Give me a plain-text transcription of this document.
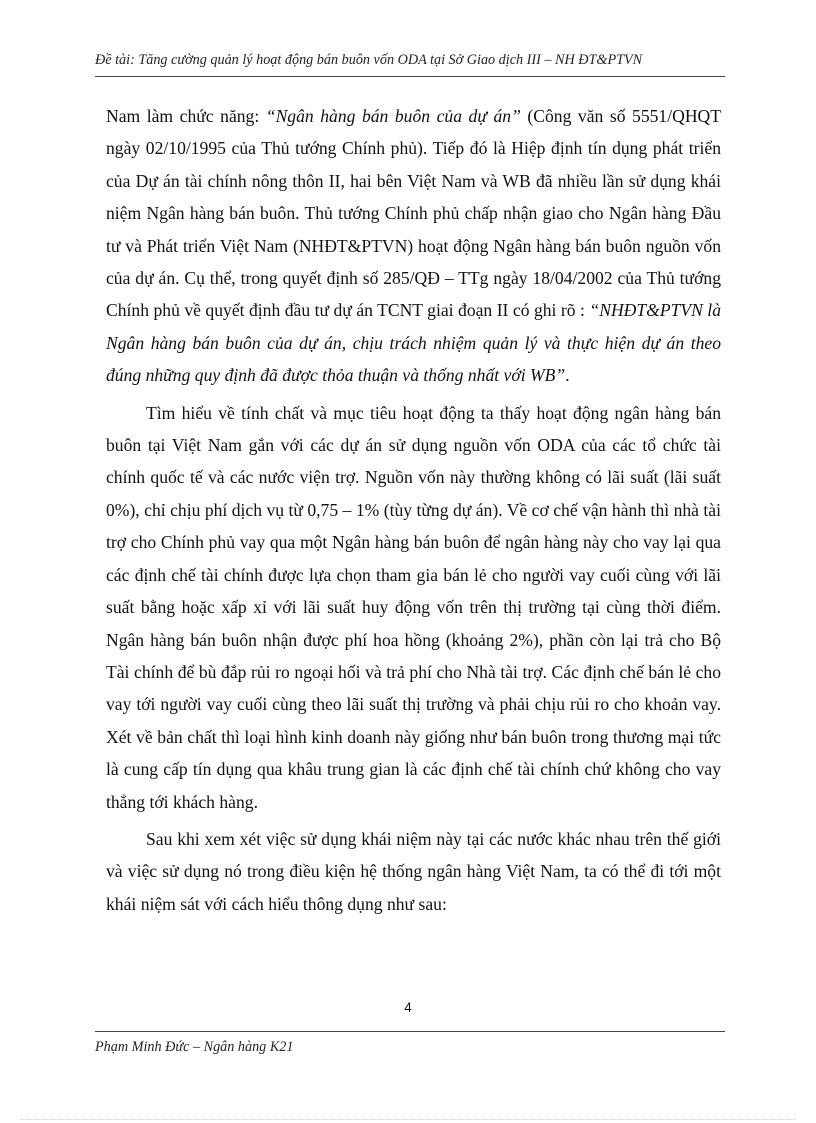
Đề tài: Tăng cường quản lý hoạt động bán buôn vốn ODA tại Sở Giao dịch III – NH ĐT&PTVN

Nam làm chức năng: “Ngân hàng bán buôn của dự án” (Công văn số 5551/QHQT ngày 02/10/1995 của Thủ tướng Chính phủ). Tiếp đó là Hiệp định tín dụng phát triển của Dự án tài chính nông thôn II, hai bên Việt Nam và WB đã nhiều lần sử dụng khái niệm Ngân hàng bán buôn. Thủ tướng Chính phủ chấp nhận giao cho Ngân hàng Đầu tư và Phát triển Việt Nam (NHĐT&PTVN) hoạt động Ngân hàng bán buôn nguồn vốn của dự án. Cụ thể, trong quyết định số 285/QĐ – TTg ngày 18/04/2002 của Thủ tướng Chính phủ về quyết định đầu tư dự án TCNT giai đoạn II có ghi rõ : “NHĐT&PTVN là Ngân hàng bán buôn của dự án, chịu trách nhiệm quản lý và thực hiện dự án theo đúng những quy định đã được thỏa thuận và thống nhất với WB”.

Tìm hiểu về tính chất và mục tiêu hoạt động ta thấy hoạt động ngân hàng bán buôn tại Việt Nam gắn với các dự án sử dụng nguồn vốn ODA của các tổ chức tài chính quốc tế và các nước viện trợ. Nguồn vốn này thường không có lãi suất (lãi suất 0%), chỉ chịu phí dịch vụ từ 0,75 – 1% (tùy từng dự án). Về cơ chế vận hành thì nhà tài trợ cho Chính phủ vay qua một Ngân hàng bán buôn để ngân hàng này cho vay lại qua các định chế tài chính được lựa chọn tham gia bán lẻ cho người vay cuối cùng với lãi suất bằng hoặc xấp xỉ với lãi suất huy động vốn trên thị trường tại cùng thời điểm. Ngân hàng bán buôn nhận được phí hoa hồng (khoảng 2%), phần còn lại trả cho Bộ Tài chính để bù đắp rủi ro ngoại hối và trả phí cho Nhà tài trợ. Các định chế bán lẻ cho vay tới người vay cuối cùng theo lãi suất thị trường và phải chịu rủi ro cho khoản vay. Xét về bản chất thì loại hình kinh doanh này giống như bán buôn trong thương mại tức là cung cấp tín dụng qua khâu trung gian là các định chế tài chính chứ không cho vay thẳng tới khách hàng.

Sau khi xem xét việc sử dụng khái niệm này tại các nước khác nhau trên thế giới và việc sử dụng nó trong điều kiện hệ thống ngân hàng Việt Nam, ta có thể đi tới một khái niệm sát với cách hiểu thông dụng như sau:

4
Phạm Minh Đức – Ngân hàng K21
